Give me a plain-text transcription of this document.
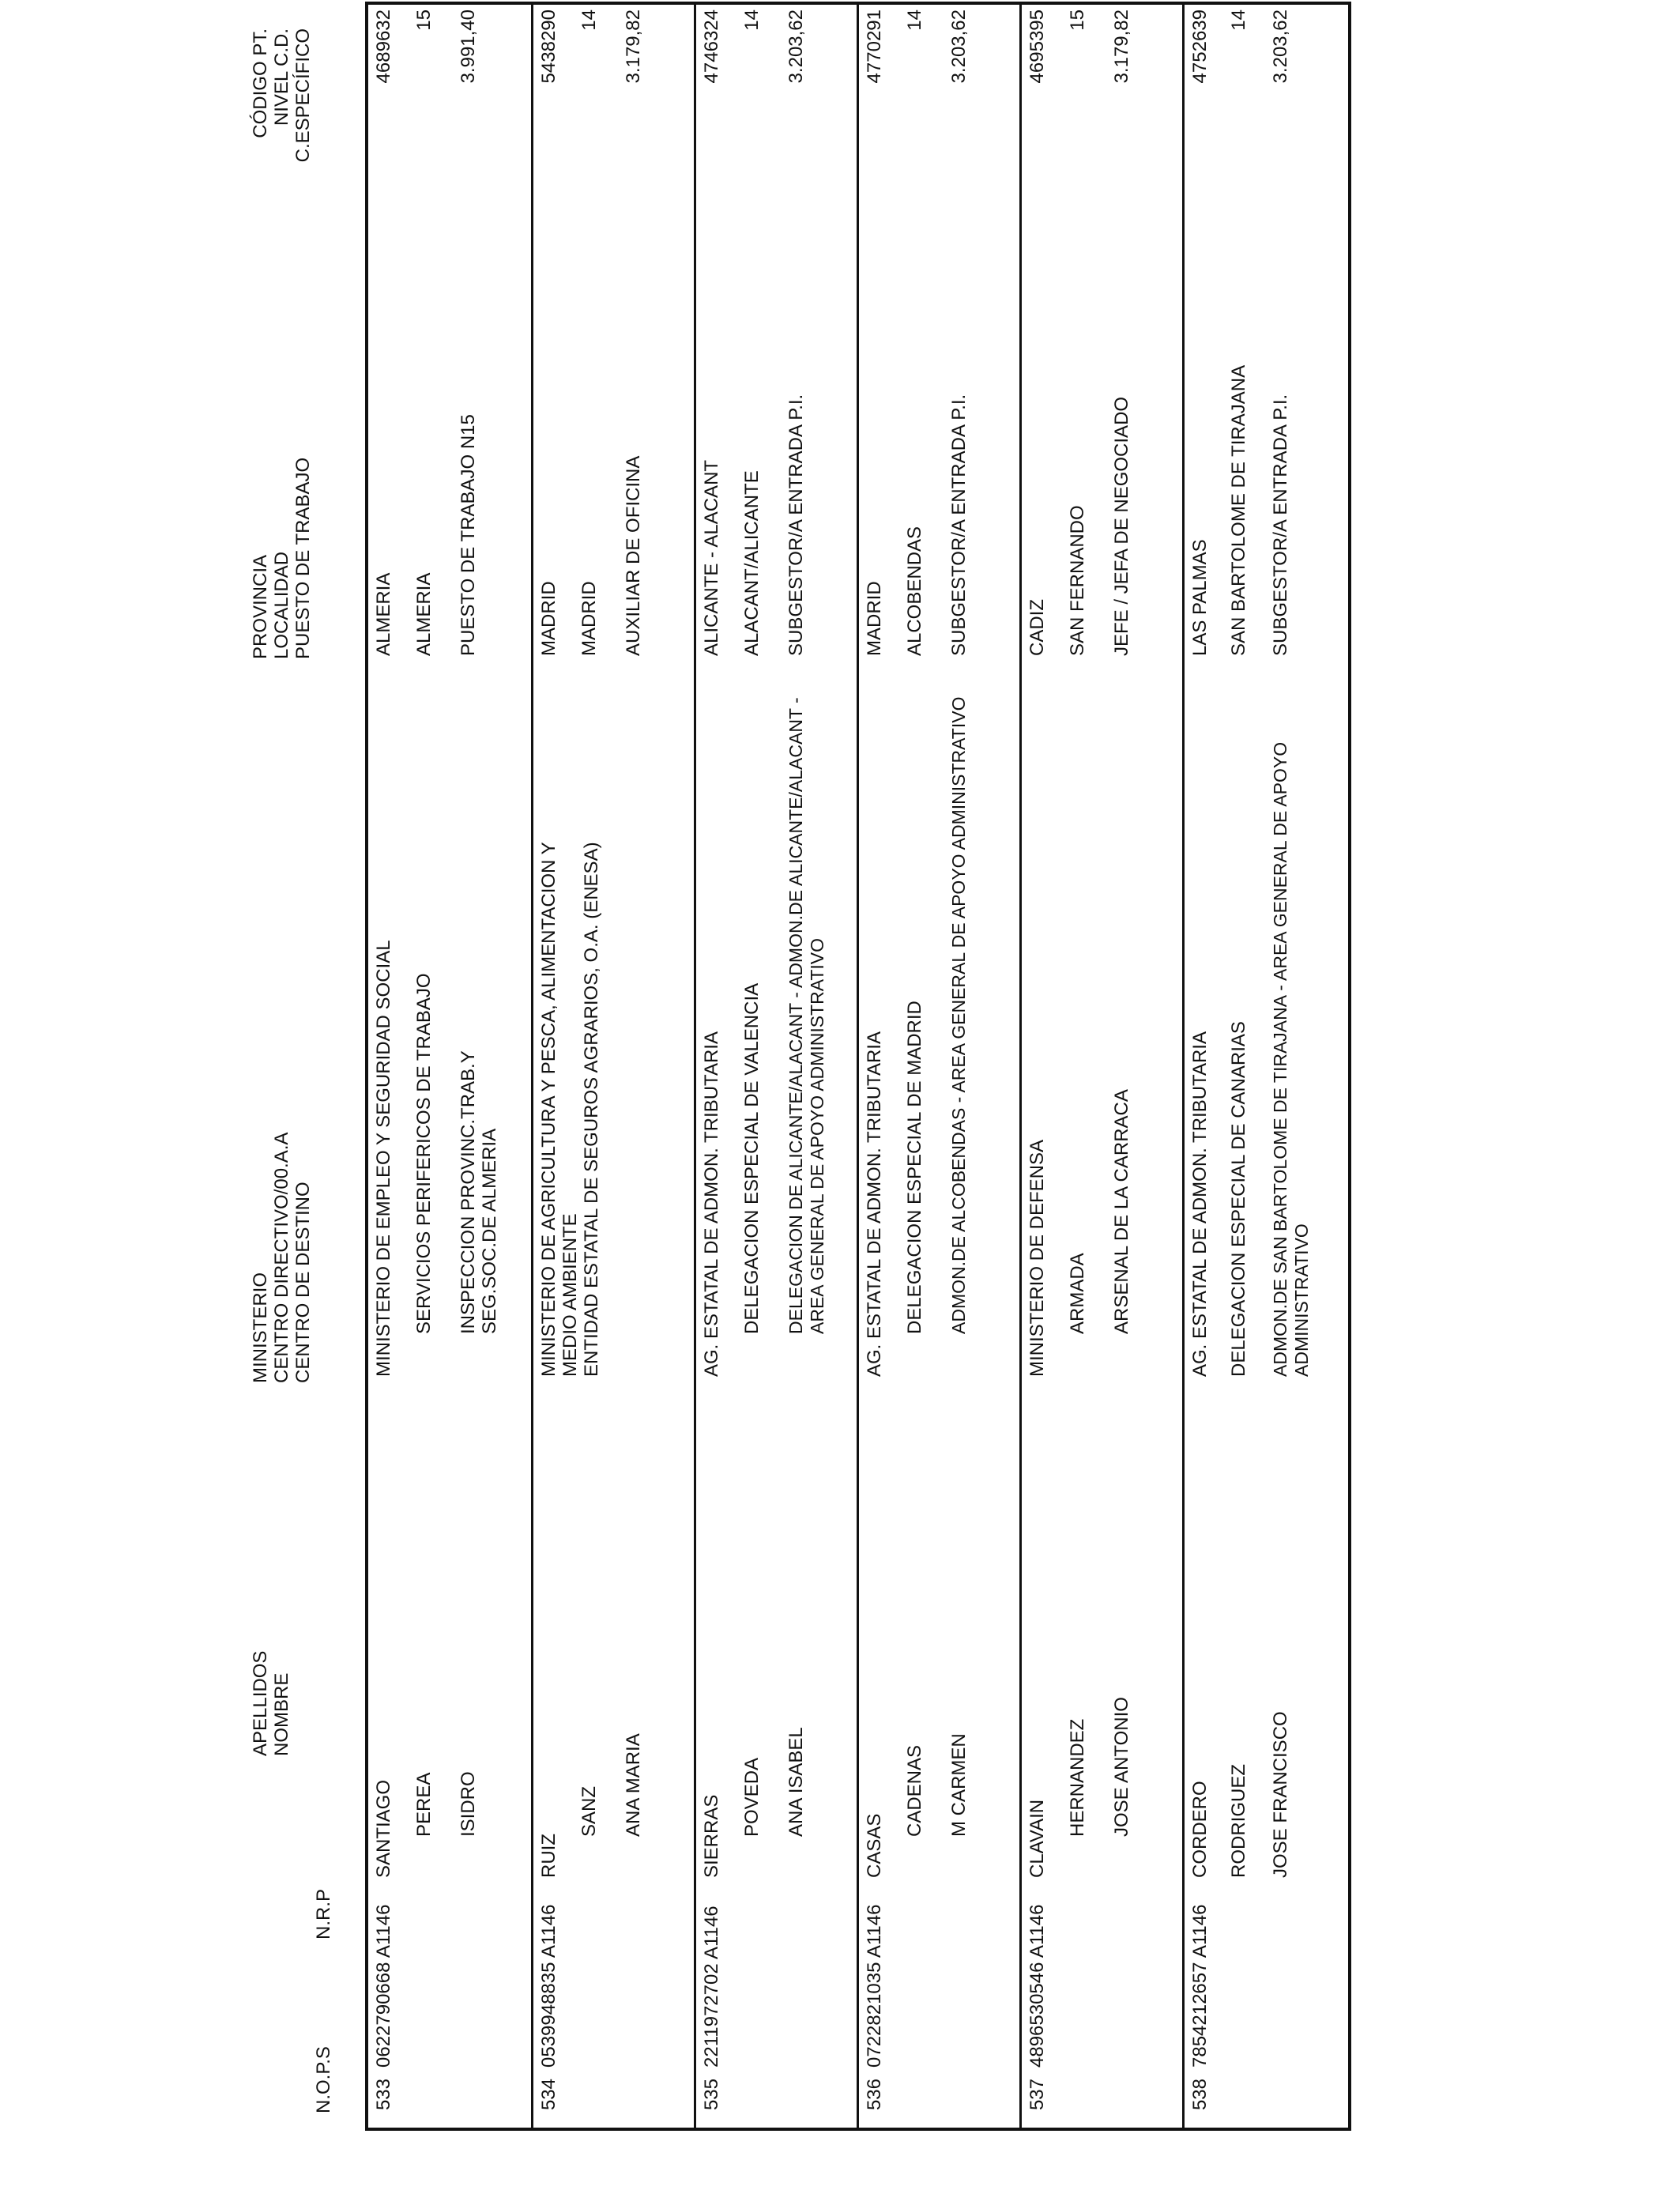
N.O.P.S
N.R.P
APELLIDOS NOMBRE
MINISTERIO CENTRO DIRECTIVO/00.A.A CENTRO DE DESTINO
PROVINCIA LOCALIDAD PUESTO DE TRABAJO
CÓDIGO PT. NIVEL C.D. C.ESPECÍFICO
533
0622790668 A1146
SANTIAGO PEREA ISIDRO
MINISTERIO DE EMPLEO Y SEGURIDAD SOCIAL SERVICIOS PERIFERICOS DE TRABAJO INSPECCION PROVINC.TRAB.Y SEG.SOC.DE ALMERIA
ALMERIA ALMERIA PUESTO DE TRABAJO N15
4689632 15 3.991,40
534
0539948835 A1146
RUIZ
SANZ ANA MARIA
MINISTERIO DE AGRICULTURA Y PESCA, ALIMENTACION Y MEDIO AMBIENTE ENTIDAD ESTATAL DE SEGUROS AGRARIOS, O.A. (ENESA)
MADRID MADRID AUXILIAR DE OFICINA
5438290 14 3.179,82
535
2211972702 A1146
SIERRAS POVEDA ANA ISABEL
AG. ESTATAL DE ADMON. TRIBUTARIA DELEGACION ESPECIAL DE VALENCIA DELEGACION DE ALICANTE/ALACANT - ADMON.DE ALICANTE/ALACANT - AREA GENERAL DE APOYO ADMINISTRATIVO
ALICANTE - ALACANT ALACANT/ALICANTE SUBGESTOR/A ENTRADA P.I.
4746324 14 3.203,62
536
0722821035 A1146
CASAS
CADENAS M CARMEN
AG. ESTATAL DE ADMON. TRIBUTARIA DELEGACION ESPECIAL DE MADRID ADMON.DE ALCOBENDAS - AREA GENERAL DE APOYO ADMINISTRATIVO
MADRID ALCOBENDAS SUBGESTOR/A ENTRADA P.I.
4770291 14 3.203,62
537
4896530546 A1146
CLAVAIN
HERNANDEZ JOSE ANTONIO
MINISTERIO DE DEFENSA ARMADA ARSENAL DE LA CARRACA
CADIZ SAN FERNANDO JEFE / JEFA DE NEGOCIADO
4695395 15 3.179,82
538
7854212657 A1146
CORDERO RODRIGUEZ JOSE FRANCISCO
AG. ESTATAL DE ADMON. TRIBUTARIA DELEGACION ESPECIAL DE CANARIAS ADMON.DE SAN BARTOLOME DE TIRAJANA - AREA GENERAL DE APOYO ADMINISTRATIVO
LAS PALMAS SAN BARTOLOME DE TIRAJANA SUBGESTOR/A ENTRADA P.I.
4752639 14 3.203,62
